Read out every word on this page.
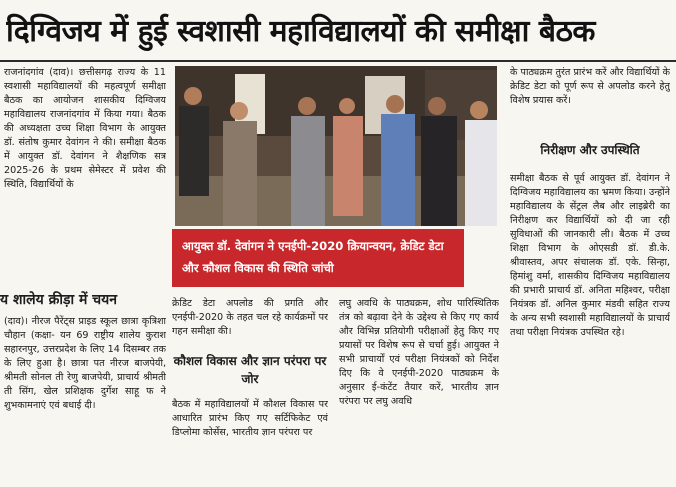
दिग्विजय में हुई स्वशासी महाविद्यालयों की समीक्षा बैठक

राजनांदगांव (दाव)। छत्तीसगढ़ राज्य के 11 स्वशासी महाविद्यालयों की महत्वपूर्ण समीक्षा बैठक का आयोजन शासकीय दिग्विजय महाविद्यालय राजनांदगांव में किया गया। बैठक की अध्यक्षता उच्च शिक्षा विभाग के आयुक्त डॉ. संतोष कुमार देवांगन ने की। समीक्षा बैठक में आयुक्त डॉ. देवांगन ने शैक्षणिक सत्र 2025-26 के प्रथम सेमेस्टर में प्रवेश की स्थिति, विद्यार्थियों के

य शालेय क्रीड़ा में चयन

(दाव)। नीरज पैरेंट्स प्राइड स्कूल छात्रा कृत्रिशा चौहान (कक्षा- यन 69 राष्ट्रीय शालेय कुराश सहारनपुर, उत्तरप्रदेश के लिए 14 दिसम्बर तक के लिए हुआ है। छात्रा पत नीरज बाजपेयी, श्रीमती सोनल ती रेणु बाजपेयी, प्राचार्य श्रीमती ती सिंग, खेल प्रशिक्षक दुर्गेश साहू फ ने शुभकामनाएं एवं बधाई दी।

आयुक्त डॉ. देवांगन ने एनईपी-2020 क्रियान्वयन, क्रेडिट डेटा और कौशल विकास की स्थिति जांची

क्रेडिट डेटा अपलोड की प्रगति और एनईपी-2020 के तहत चल रहे कार्यक्रमों पर गहन समीक्षा की।

कौशल विकास और ज्ञान परंपरा पर जोर

बैठक में महाविद्यालयों में कौशल विकास पर आधारित प्रारंभ किए गए सर्टिफिकेट एवं डिप्लोमा कोर्सेस, भारतीय ज्ञान परंपरा पर

लघु अवधि के पाठ्यक्रम, शोध पारिस्थितिक तंत्र को बढ़ावा देने के उद्देश्य से किए गए कार्य और विभिन्न प्रतियोगी परीक्षाओं हेतु किए गए प्रयासों पर विशेष रूप से चर्चा हुई। आयुक्त ने सभी प्राचार्यों एवं परीक्षा नियंत्रकों को निर्देश दिए कि वे एनईपी-2020 पाठ्यक्रम के अनुसार ई-कंटेंट तैयार करें, भारतीय ज्ञान परंपरा पर लघु अवधि

के पाठ्यक्रम तुरंत प्रारंभ करें और विद्यार्थियों के क्रेडिट डेटा को पूर्ण रूप से अपलोड करने हेतु विशेष प्रयास करें।

निरीक्षण और उपस्थिति

समीक्षा बैठक से पूर्व आयुक्त डॉ. देवांगन ने दिग्विजय महाविद्यालय का भ्रमण किया। उन्होंने महाविद्यालय के सेंट्रल लैब और लाइब्रेरी का निरीक्षण कर विद्यार्थियों को दी जा रही सुविधाओं की जानकारी ली। बैठक में उच्च शिक्षा विभाग के ओएसडी डॉ. डी.के. श्रीवास्तव, अपर संचालक डॉ. एके. सिन्हा, हिमांशु वर्मा, शासकीय दिग्विजय महाविद्यालय की प्रभारी प्राचार्य डॉ. अनिता महिश्वर, परीक्षा नियंत्रक डॉ. अनिल कुमार मंडवी सहित राज्य के अन्य सभी स्वशासी महाविद्यालयों के प्राचार्य तथा परीक्षा नियंत्रक उपस्थित रहे।
